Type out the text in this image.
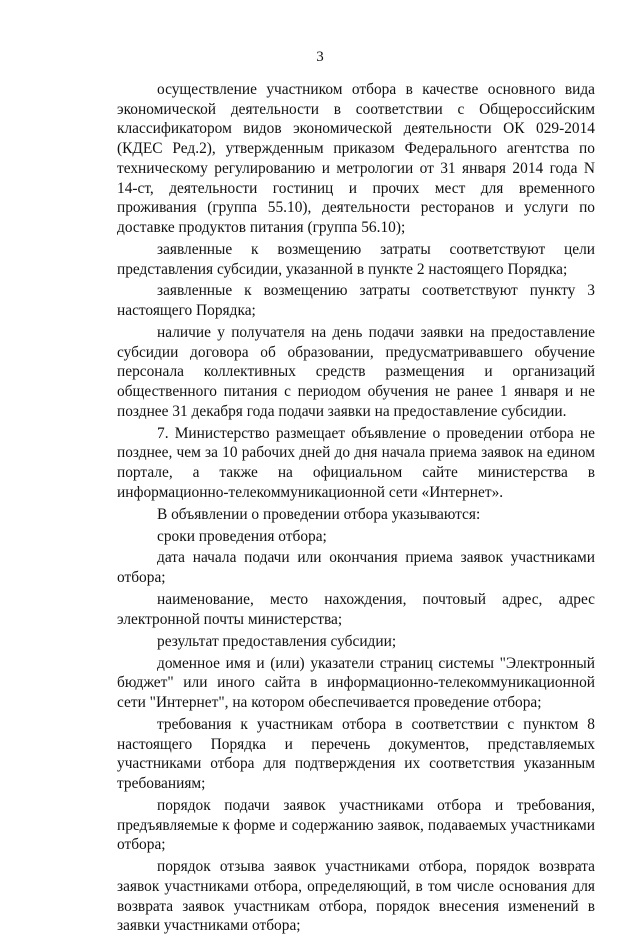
3

осуществление участником отбора в качестве основного вида экономической деятельности в соответствии с Общероссийским классификатором видов экономической деятельности ОК 029-2014 (КДЕС Ред.2), утвержденным приказом Федерального агентства по техническому регулированию и метрологии от 31 января 2014 года N 14-ст, деятельности гостиниц и прочих мест для временного проживания (группа 55.10), деятельности ресторанов и услуги по доставке продуктов питания (группа 56.10);

заявленные к возмещению затраты соответствуют цели представления субсидии, указанной в пункте 2 настоящего Порядка;

заявленные к возмещению затраты соответствуют пункту 3 настоящего Порядка;

наличие у получателя на день подачи заявки на предоставление субсидии договора об образовании, предусматривавшего обучение персонала коллективных средств размещения и организаций общественного питания с периодом обучения не ранее 1 января и не позднее 31 декабря года подачи заявки на предоставление субсидии.

7. Министерство размещает объявление о проведении отбора не позднее, чем за 10 рабочих дней до дня начала приема заявок на едином портале, а также на официальном сайте министерства в информационно-телекоммуникационной сети «Интернет».

В объявлении о проведении отбора указываются:

сроки проведения отбора;

дата начала подачи или окончания приема заявок участниками отбора;

наименование, место нахождения, почтовый адрес, адрес электронной почты министерства;

результат предоставления субсидии;

доменное имя и (или) указатели страниц системы "Электронный бюджет" или иного сайта в информационно-телекоммуникационной сети "Интернет", на котором обеспечивается проведение отбора;

требования к участникам отбора в соответствии с пунктом 8 настоящего Порядка и перечень документов, представляемых участниками отбора для подтверждения их соответствия указанным требованиям;

порядок подачи заявок участниками отбора и требования, предъявляемые к форме и содержанию заявок, подаваемых участниками отбора;

порядок отзыва заявок участниками отбора, порядок возврата заявок участниками отбора, определяющий, в том числе основания для возврата заявок участникам отбора, порядок внесения изменений в заявки участниками отбора;
